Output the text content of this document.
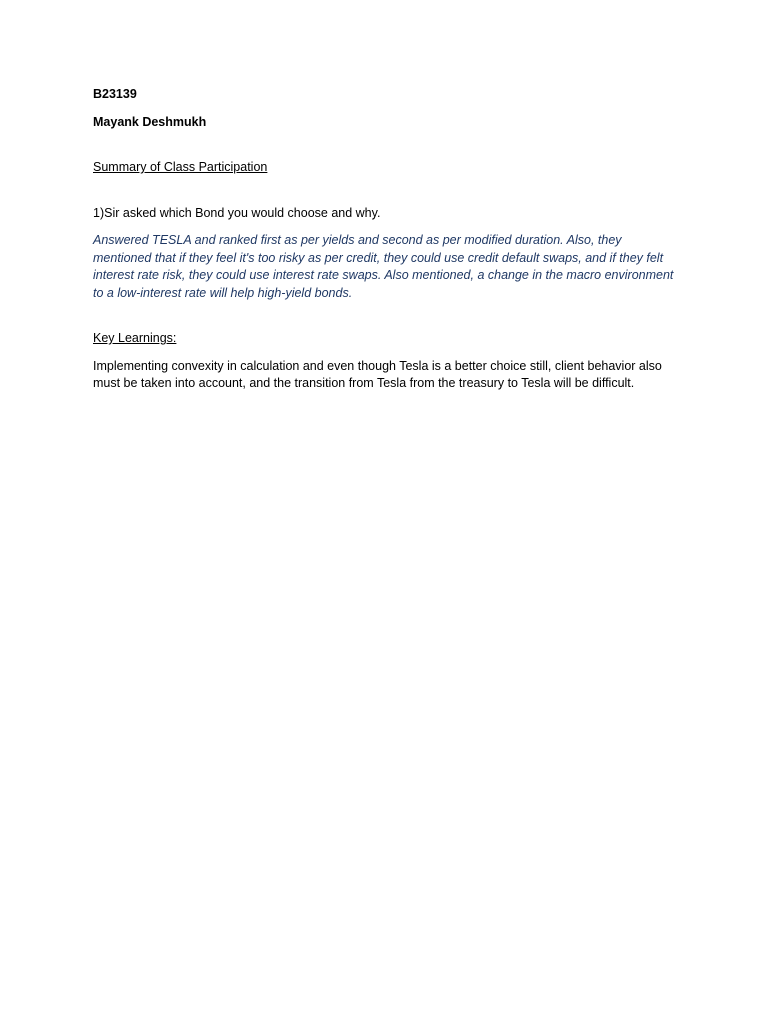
B23139

Mayank Deshmukh

Summary of Class Participation

1)Sir asked which Bond you would choose and why.

Answered TESLA and ranked first as per yields and second as per modified duration. Also, they mentioned that if they feel it's too risky as per credit, they could use credit default swaps, and if they felt interest rate risk, they could use interest rate swaps. Also mentioned, a change in the macro environment to a low-interest rate will help high-yield bonds.

Key Learnings:

Implementing convexity in calculation and even though Tesla is a better choice still, client behavior also must be taken into account, and the transition from Tesla from the treasury to Tesla will be difficult.
